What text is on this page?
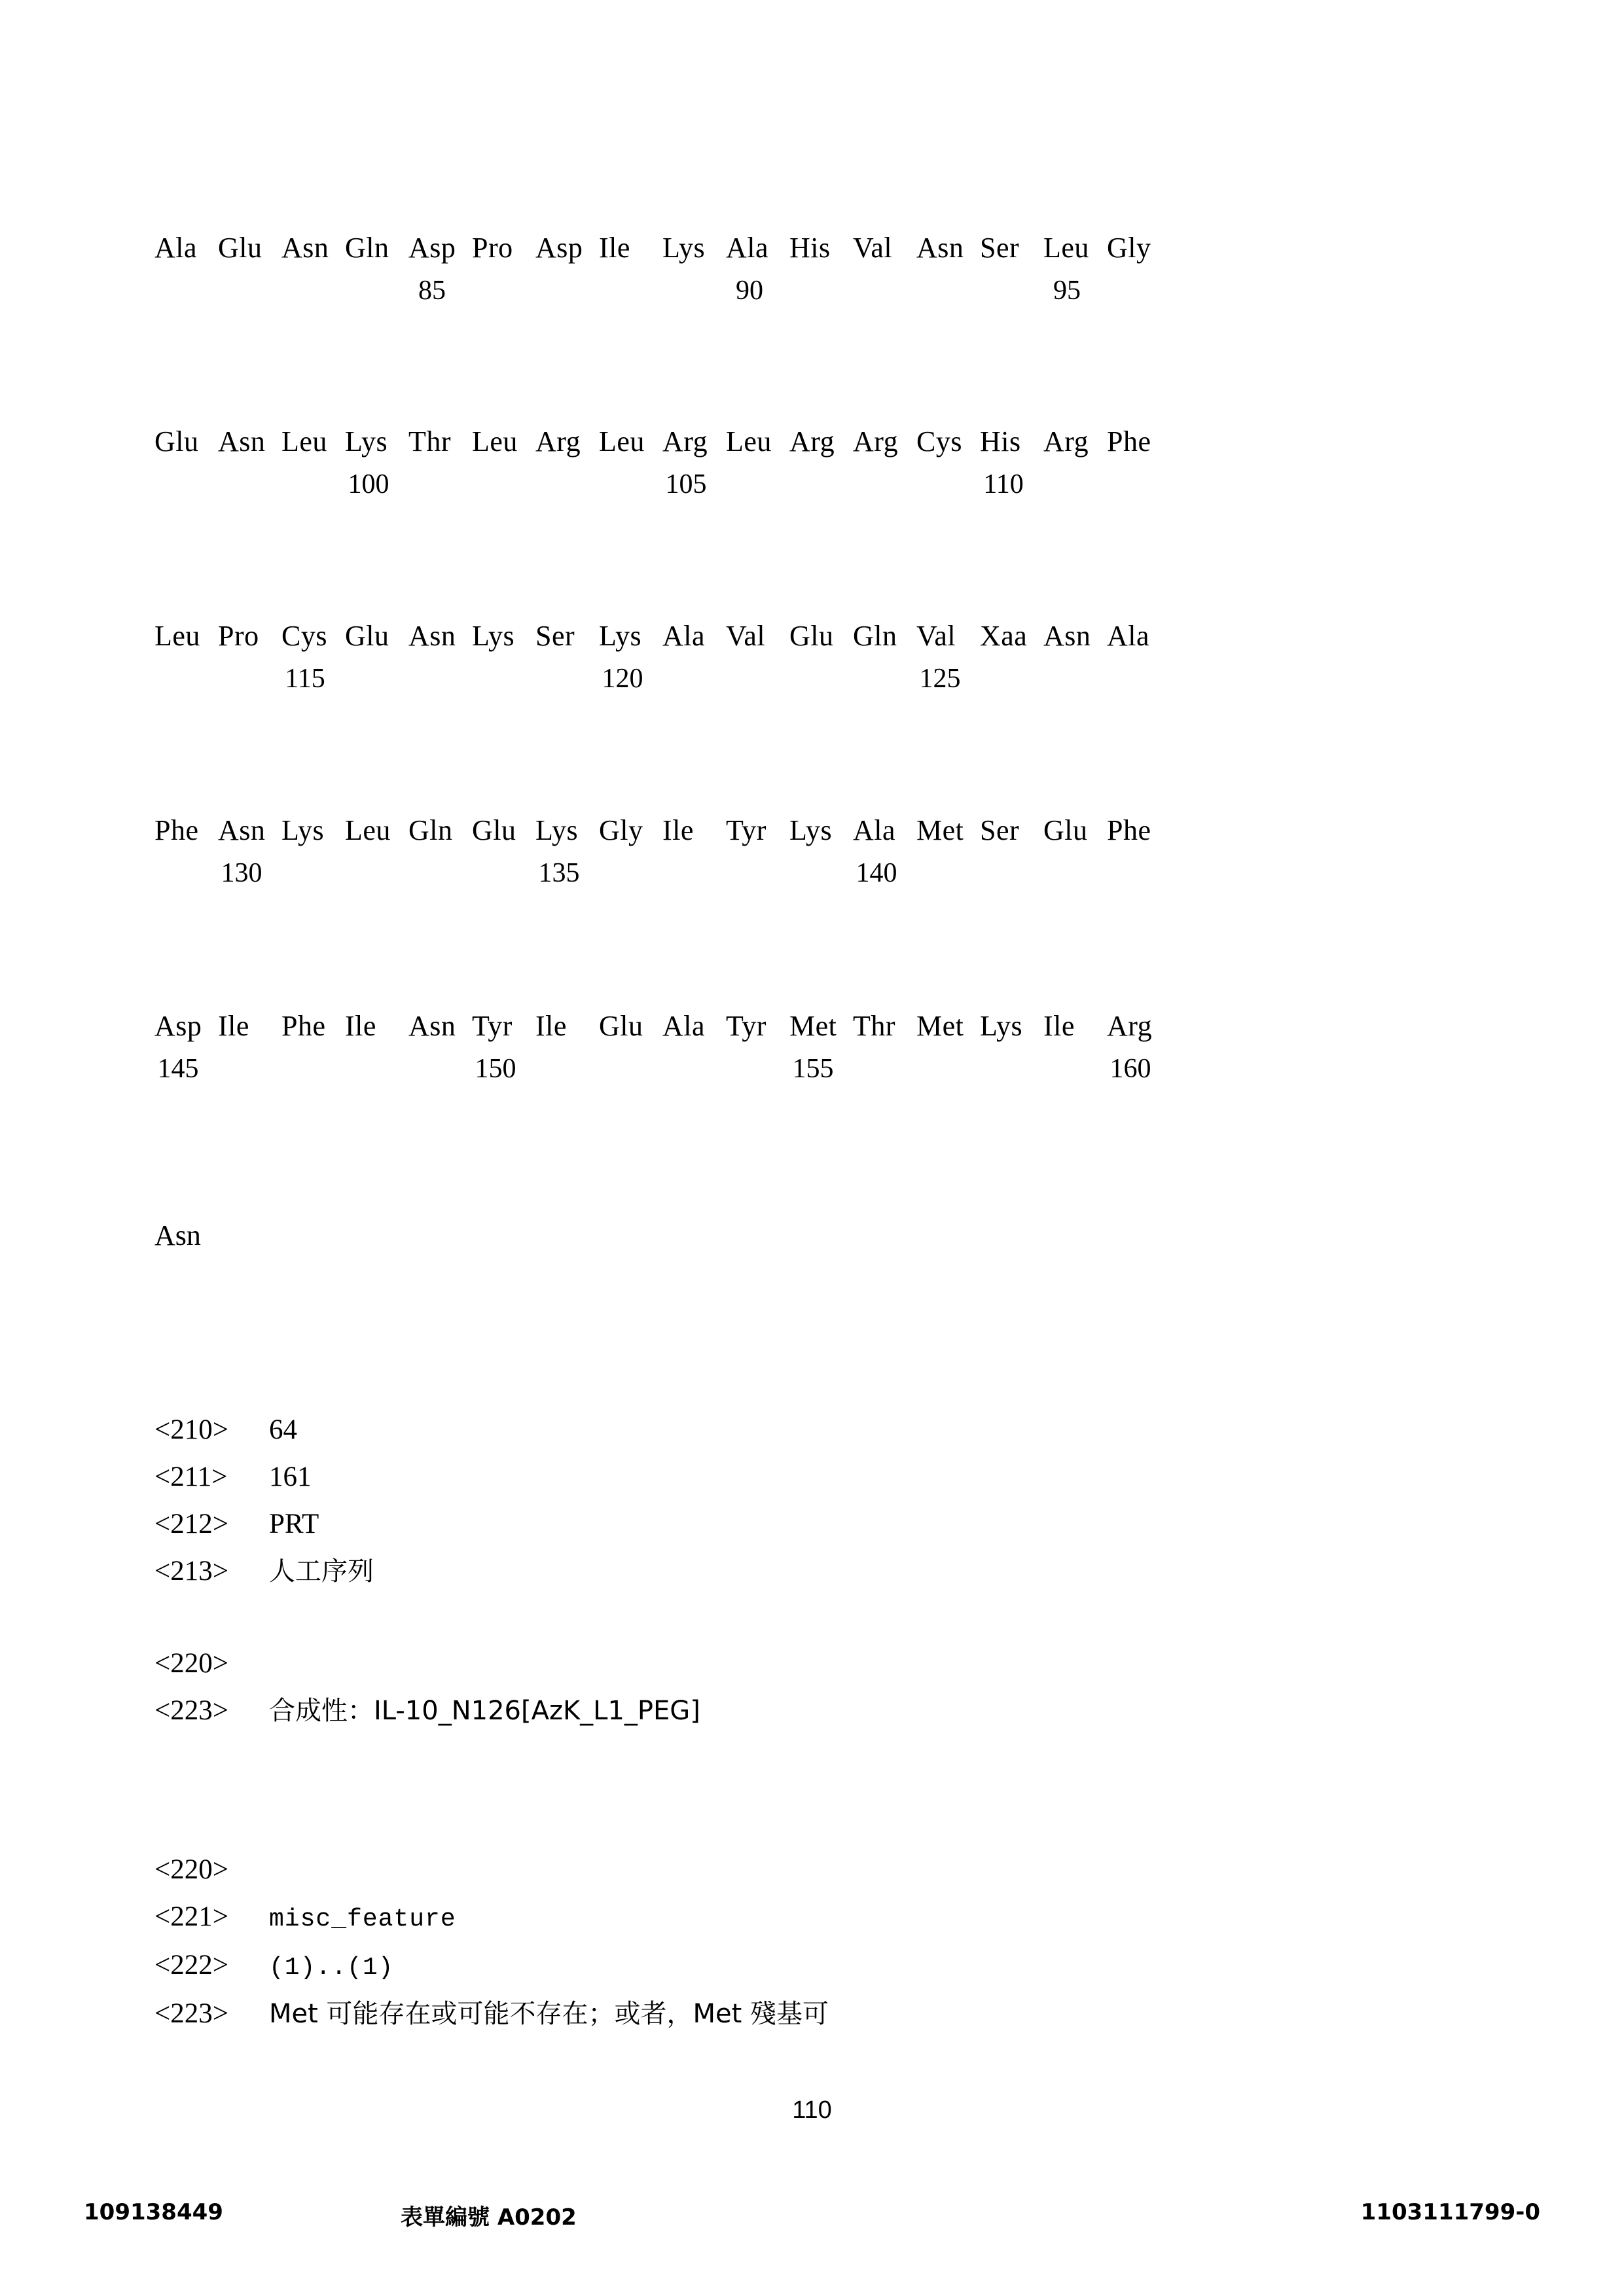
Ala Glu Asn Gln Asp Pro Asp Ile Lys Ala His Val Asn Ser Leu Gly
85	90	95
Glu Asn Leu Lys Thr Leu Arg Leu Arg Leu Arg Arg Cys His Arg Phe
100	105	110
Leu Pro Cys Glu Asn Lys Ser Lys Ala Val Glu Gln Val Xaa Asn Ala
115	120	125
Phe Asn Lys Leu Gln Glu Lys Gly Ile Tyr Lys Ala Met Ser Glu Phe
130	135	140
Asp Ile Phe Ile Asn Tyr Ile Glu Ala Tyr Met Thr Met Lys Ile Arg
145	150	155	160
Asn
<210>	64
<211>	161
<212>	PRT
<213>	人工序列
<220>
<223>	合成性：IL-10_N126[AzK_L1_PEG]
<220>
<221>	misc_feature
<222>	(1)..(1)
<223>	Met 可能存在或可能不存在；或者，Met 殘基可
110
109138449	表單編號 A0202	1103111799-0
